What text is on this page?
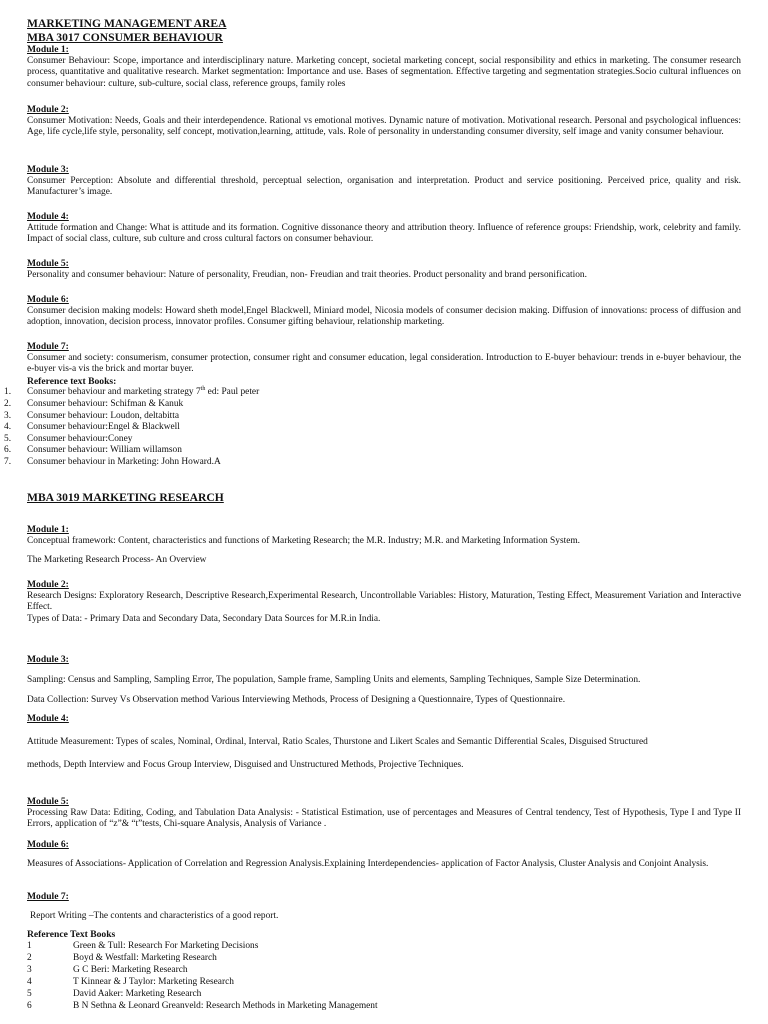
MARKETING MANAGEMENT AREA
MBA 3017 CONSUMER BEHAVIOUR
Module 1:

Consumer Behaviour: Scope, importance and interdisciplinary nature. Marketing concept, societal marketing concept, social responsibility and ethics in marketing. The consumer research process, quantitative and qualitative research. Market segmentation: Importance and use. Bases of segmentation. Effective targeting and segmentation strategies.Socio cultural influences on consumer behaviour: culture, sub-culture, social class, reference groups, family roles

Module 2:

Consumer Motivation: Needs, Goals and their interdependence. Rational vs emotional motives. Dynamic nature of motivation. Motivational research. Personal and psychological influences: Age, life cycle,life style, personality, self concept, motivation,learning, attitude, vals. Role of personality in understanding consumer diversity, self image and vanity consumer behaviour.

Module 3:

Consumer Perception: Absolute and differential threshold, perceptual selection, organisation and interpretation. Product and service positioning. Perceived price, quality and risk. Manufacturer’s image.

Module 4:

Attitude formation and Change: What is attitude and its formation. Cognitive dissonance theory and attribution theory. Influence of reference groups: Friendship, work, celebrity and family. Impact of social class, culture, sub culture and cross cultural factors on consumer behaviour.

Module 5:

Personality and consumer behaviour: Nature of personality, Freudian, non- Freudian and trait theories. Product personality and brand personification.

Module 6:

Consumer decision making models: Howard sheth model,Engel Blackwell, Miniard model, Nicosia models of consumer decision making. Diffusion of innovations: process of diffusion and adoption, innovation, decision process, innovator profiles. Consumer gifting behaviour, relationship marketing.

Module 7:

Consumer and society: consumerism, consumer protection, consumer right and consumer education, legal consideration. Introduction to E-buyer behaviour: trends in e-buyer behaviour, the e-buyer vis-a vis the brick and mortar buyer.

Reference text Books:
1.	Consumer behaviour and marketing strategy 7th ed: Paul peter
2.	Consumer behaviour: Schifman & Kanuk
3.	Consumer behaviour: Loudon, deltabitta
4.	Consumer behaviour:Engel & Blackwell
5.	Consumer behaviour:Coney
6.	Consumer behaviour: William willamson
7.	Consumer behaviour in Marketing: John Howard.A
MBA 3019 MARKETING RESEARCH
Module 1:

Conceptual framework: Content, characteristics and functions of Marketing Research; the M.R. Industry; M.R. and Marketing Information System.

The Marketing Research Process- An Overview

Module 2:

Research Designs: Exploratory Research, Descriptive Research,Experimental Research, Uncontrollable Variables: History, Maturation, Testing Effect, Measurement Variation and Interactive Effect.

Types of Data: - Primary Data and Secondary Data, Secondary Data Sources for M.R.in India.

Module 3:

Sampling: Census and Sampling, Sampling Error, The population, Sample frame, Sampling Units and elements, Sampling Techniques, Sample Size Determination.

Data Collection: Survey Vs Observation method Various Interviewing Methods, Process of Designing a Questionnaire, Types of Questionnaire.

Module 4:

Attitude Measurement: Types of scales, Nominal, Ordinal, Interval, Ratio Scales, Thurstone and Likert Scales and Semantic Differential Scales, Disguised Structured

methods, Depth Interview and Focus Group Interview, Disguised and Unstructured Methods, Projective Techniques.

Module 5:

Processing Raw Data: Editing, Coding, and Tabulation Data Analysis: - Statistical Estimation, use of percentages and Measures of Central tendency, Test of Hypothesis, Type I and Type II Errors, application of “z”& “t”tests, Chi-square Analysis, Analysis of Variance .

Module 6:

Measures of Associations- Application of Correlation and Regression Analysis.Explaining Interdependencies- application of Factor Analysis, Cluster Analysis and Conjoint Analysis.

Module 7:

Report Writing –The contents and characteristics of a good report.

Reference Text Books
1	Green & Tull: Research For Marketing Decisions
2	Boyd & Westfall: Marketing Research
3	G C Beri: Marketing Research
4	T Kinnear & J Taylor: Marketing Research
5	David Aaker: Marketing Research
6	B N Sethna & Leonard Greanveld: Research Methods in Marketing Management
